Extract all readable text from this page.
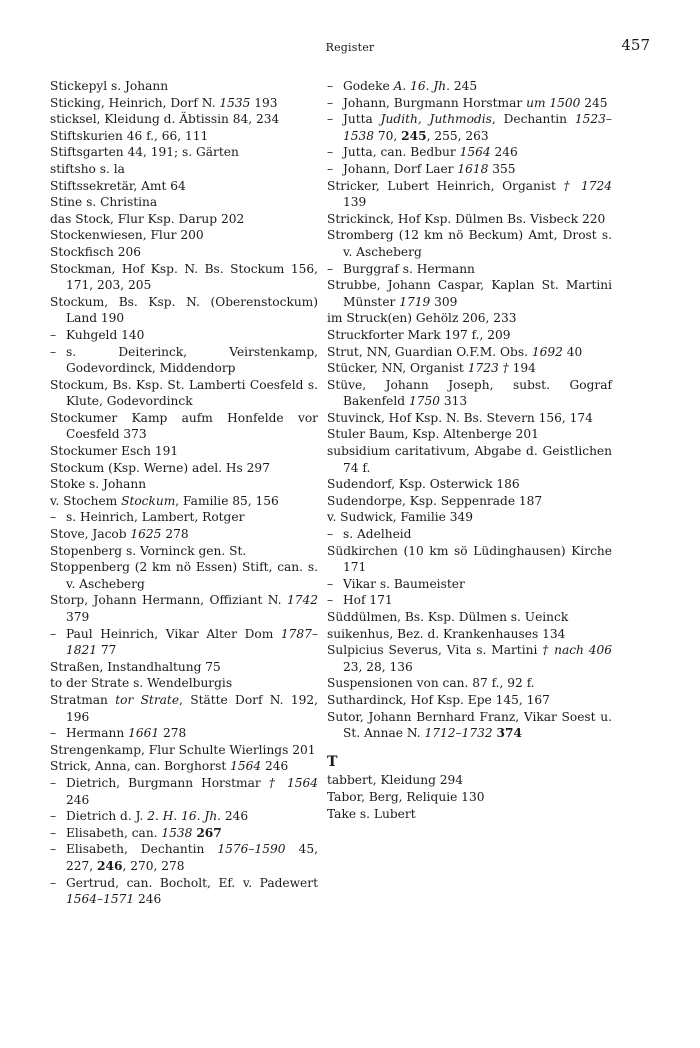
Register	457
Stickepyl s. Johann
Sticking, Heinrich, Dorf N. 1535 193
sticksel, Kleidung d. Äbtissin 84, 234
Stiftskurien 46 f., 66, 111
Stiftsgarten 44, 191; s. Gärten
stiftsho s. la
Stiftssekretär, Amt 64
Stine s. Christina
das Stock, Flur Ksp. Darup 202
Stockenwiesen, Flur 200
Stockfisch 206
Stockman, Hof Ksp. N. Bs. Stockum 156, 171, 203, 205
Stockum, Bs. Ksp. N. (Oberenstockum) Land 190
– Kuhgeld 140
– s. Deiterinck, Veirstenkamp, Godevordinck, Middendorp
Stockum, Bs. Ksp. St. Lamberti Coesfeld s. Klute, Godevordinck
Stockumer Kamp aufm Honfelde vor Coesfeld 373
Stockumer Esch 191
Stockum (Ksp. Werne) adel. Hs 297
Stoke s. Johann
v. Stochem Stockum, Familie 85, 156
– s. Heinrich, Lambert, Rotger
Stove, Jacob 1625 278
Stopenberg s. Vorninck gen. St.
Stoppenberg (2 km nö Essen) Stift, can. s. v. Ascheberg
Storp, Johann Hermann, Offiziant N. 1742 379
– Paul Heinrich, Vikar Alter Dom 1787–1821 77
Straßen, Instandhaltung 75
to der Strate s. Wendelburgis
Stratman tor Strate, Stätte Dorf N. 192, 196
– Hermann 1661 278
Strengenkamp, Flur Schulte Wierlings 201
Strick, Anna, can. Borghorst 1564 246
– Dietrich, Burgmann Horstmar † 1564 246
– Dietrich d. J. 2. H. 16. Jh. 246
– Elisabeth, can. 1538 267
– Elisabeth, Dechantin 1576–1590 45, 227, 246, 270, 278
– Gertrud, can. Bocholt, Ef. v. Padewert 1564–1571 246
– Godeke A. 16. Jh. 245
– Johann, Burgmann Horstmar um 1500 245
– Jutta Judith, Juthmodis, Dechantin 1523–1538 70, 245, 255, 263
– Jutta, can. Bedbur 1564 246
– Johann, Dorf Laer 1618 355
Stricker, Lubert Heinrich, Organist † 1724 139
Strickinck, Hof Ksp. Dülmen Bs. Visbeck 220
Stromberg (12 km nö Beckum) Amt, Drost s. v. Ascheberg
– Burggraf s. Hermann
Strubbe, Johann Caspar, Kaplan St. Martini Münster 1719 309
im Struck(en) Gehölz 206, 233
Struckforter Mark 197 f., 209
Strut, NN, Guardian O.F.M. Obs. 1692 40
Stücker, NN, Organist 1723 † 194
Stüve, Johann Joseph, subst. Gograf Bakenfeld 1750 313
Stuvinck, Hof Ksp. N. Bs. Stevern 156, 174
Stuler Baum, Ksp. Altenberge 201
subsidium caritativum, Abgabe d. Geistlichen 74 f.
Sudendorf, Ksp. Osterwick 186
Sudendorpe, Ksp. Seppenrade 187
v. Sudwick, Familie 349
– s. Adelheid
Südkirchen (10 km sö Lüdinghausen) Kirche 171
– Vikar s. Baumeister
– Hof 171
Süddülmen, Bs. Ksp. Dülmen s. Ueinck
suikenhus, Bez. d. Krankenhauses 134
Sulpicius Severus, Vita s. Martini † nach 406 23, 28, 136
Suspensionen von can. 87 f., 92 f.
Suthardinck, Hof Ksp. Epe 145, 167
Sutor, Johann Bernhard Franz, Vikar Soest u. St. Annae N. 1712–1732 374
T
tabbert, Kleidung 294
Tabor, Berg, Reliquie 130
Take s. Lubert
